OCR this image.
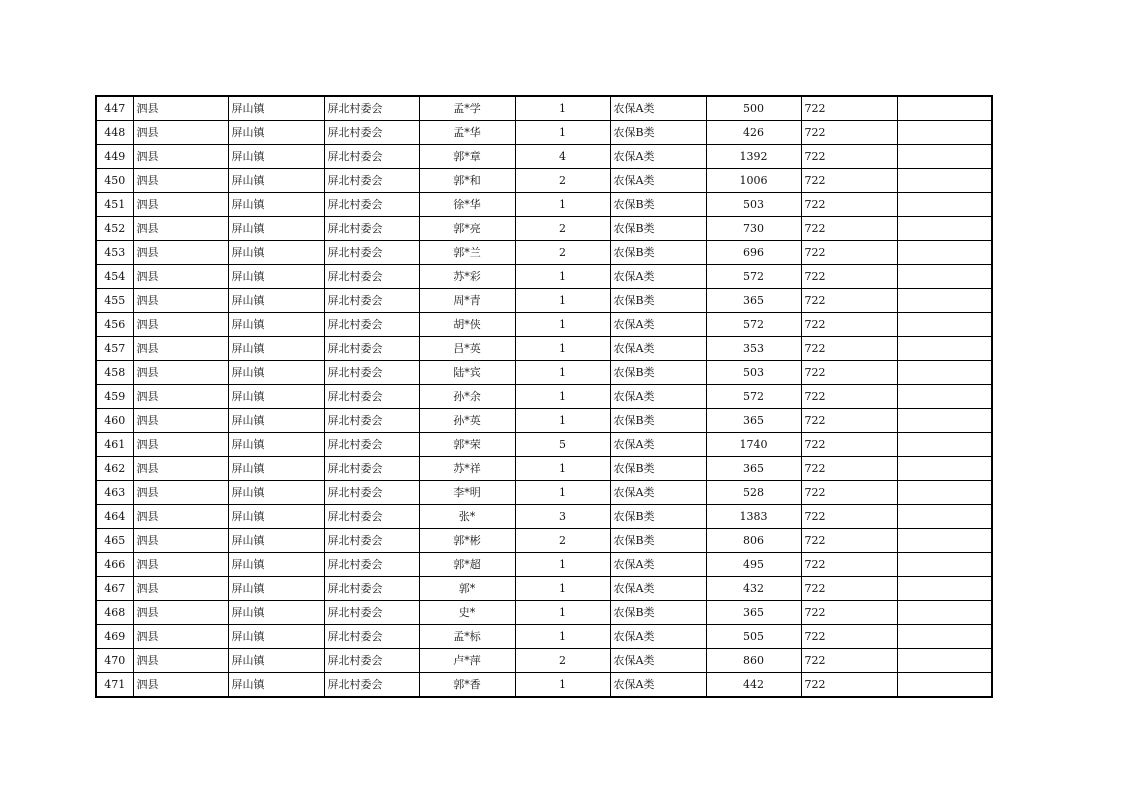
447	泗县	屏山镇	屏北村委会	孟*学	1	农保A类	500	722	
448	泗县	屏山镇	屏北村委会	孟*华	1	农保B类	426	722	
449	泗县	屏山镇	屏北村委会	郭*章	4	农保A类	1392	722	
450	泗县	屏山镇	屏北村委会	郭*和	2	农保A类	1006	722	
451	泗县	屏山镇	屏北村委会	徐*华	1	农保B类	503	722	
452	泗县	屏山镇	屏北村委会	郭*亮	2	农保B类	730	722	
453	泗县	屏山镇	屏北村委会	郭*兰	2	农保B类	696	722	
454	泗县	屏山镇	屏北村委会	苏*彩	1	农保A类	572	722	
455	泗县	屏山镇	屏北村委会	周*青	1	农保B类	365	722	
456	泗县	屏山镇	屏北村委会	胡*侠	1	农保A类	572	722	
457	泗县	屏山镇	屏北村委会	吕*英	1	农保A类	353	722	
458	泗县	屏山镇	屏北村委会	陆*宾	1	农保B类	503	722	
459	泗县	屏山镇	屏北村委会	孙*余	1	农保A类	572	722	
460	泗县	屏山镇	屏北村委会	孙*英	1	农保B类	365	722	
461	泗县	屏山镇	屏北村委会	郭*荣	5	农保A类	1740	722	
462	泗县	屏山镇	屏北村委会	苏*祥	1	农保B类	365	722	
463	泗县	屏山镇	屏北村委会	李*明	1	农保A类	528	722	
464	泗县	屏山镇	屏北村委会	张*	3	农保B类	1383	722	
465	泗县	屏山镇	屏北村委会	郭*彬	2	农保B类	806	722	
466	泗县	屏山镇	屏北村委会	郭*超	1	农保A类	495	722	
467	泗县	屏山镇	屏北村委会	郭*	1	农保A类	432	722	
468	泗县	屏山镇	屏北村委会	史*	1	农保B类	365	722	
469	泗县	屏山镇	屏北村委会	孟*标	1	农保A类	505	722	
470	泗县	屏山镇	屏北村委会	卢*萍	2	农保A类	860	722	
471	泗县	屏山镇	屏北村委会	郭*香	1	农保A类	442	722	
